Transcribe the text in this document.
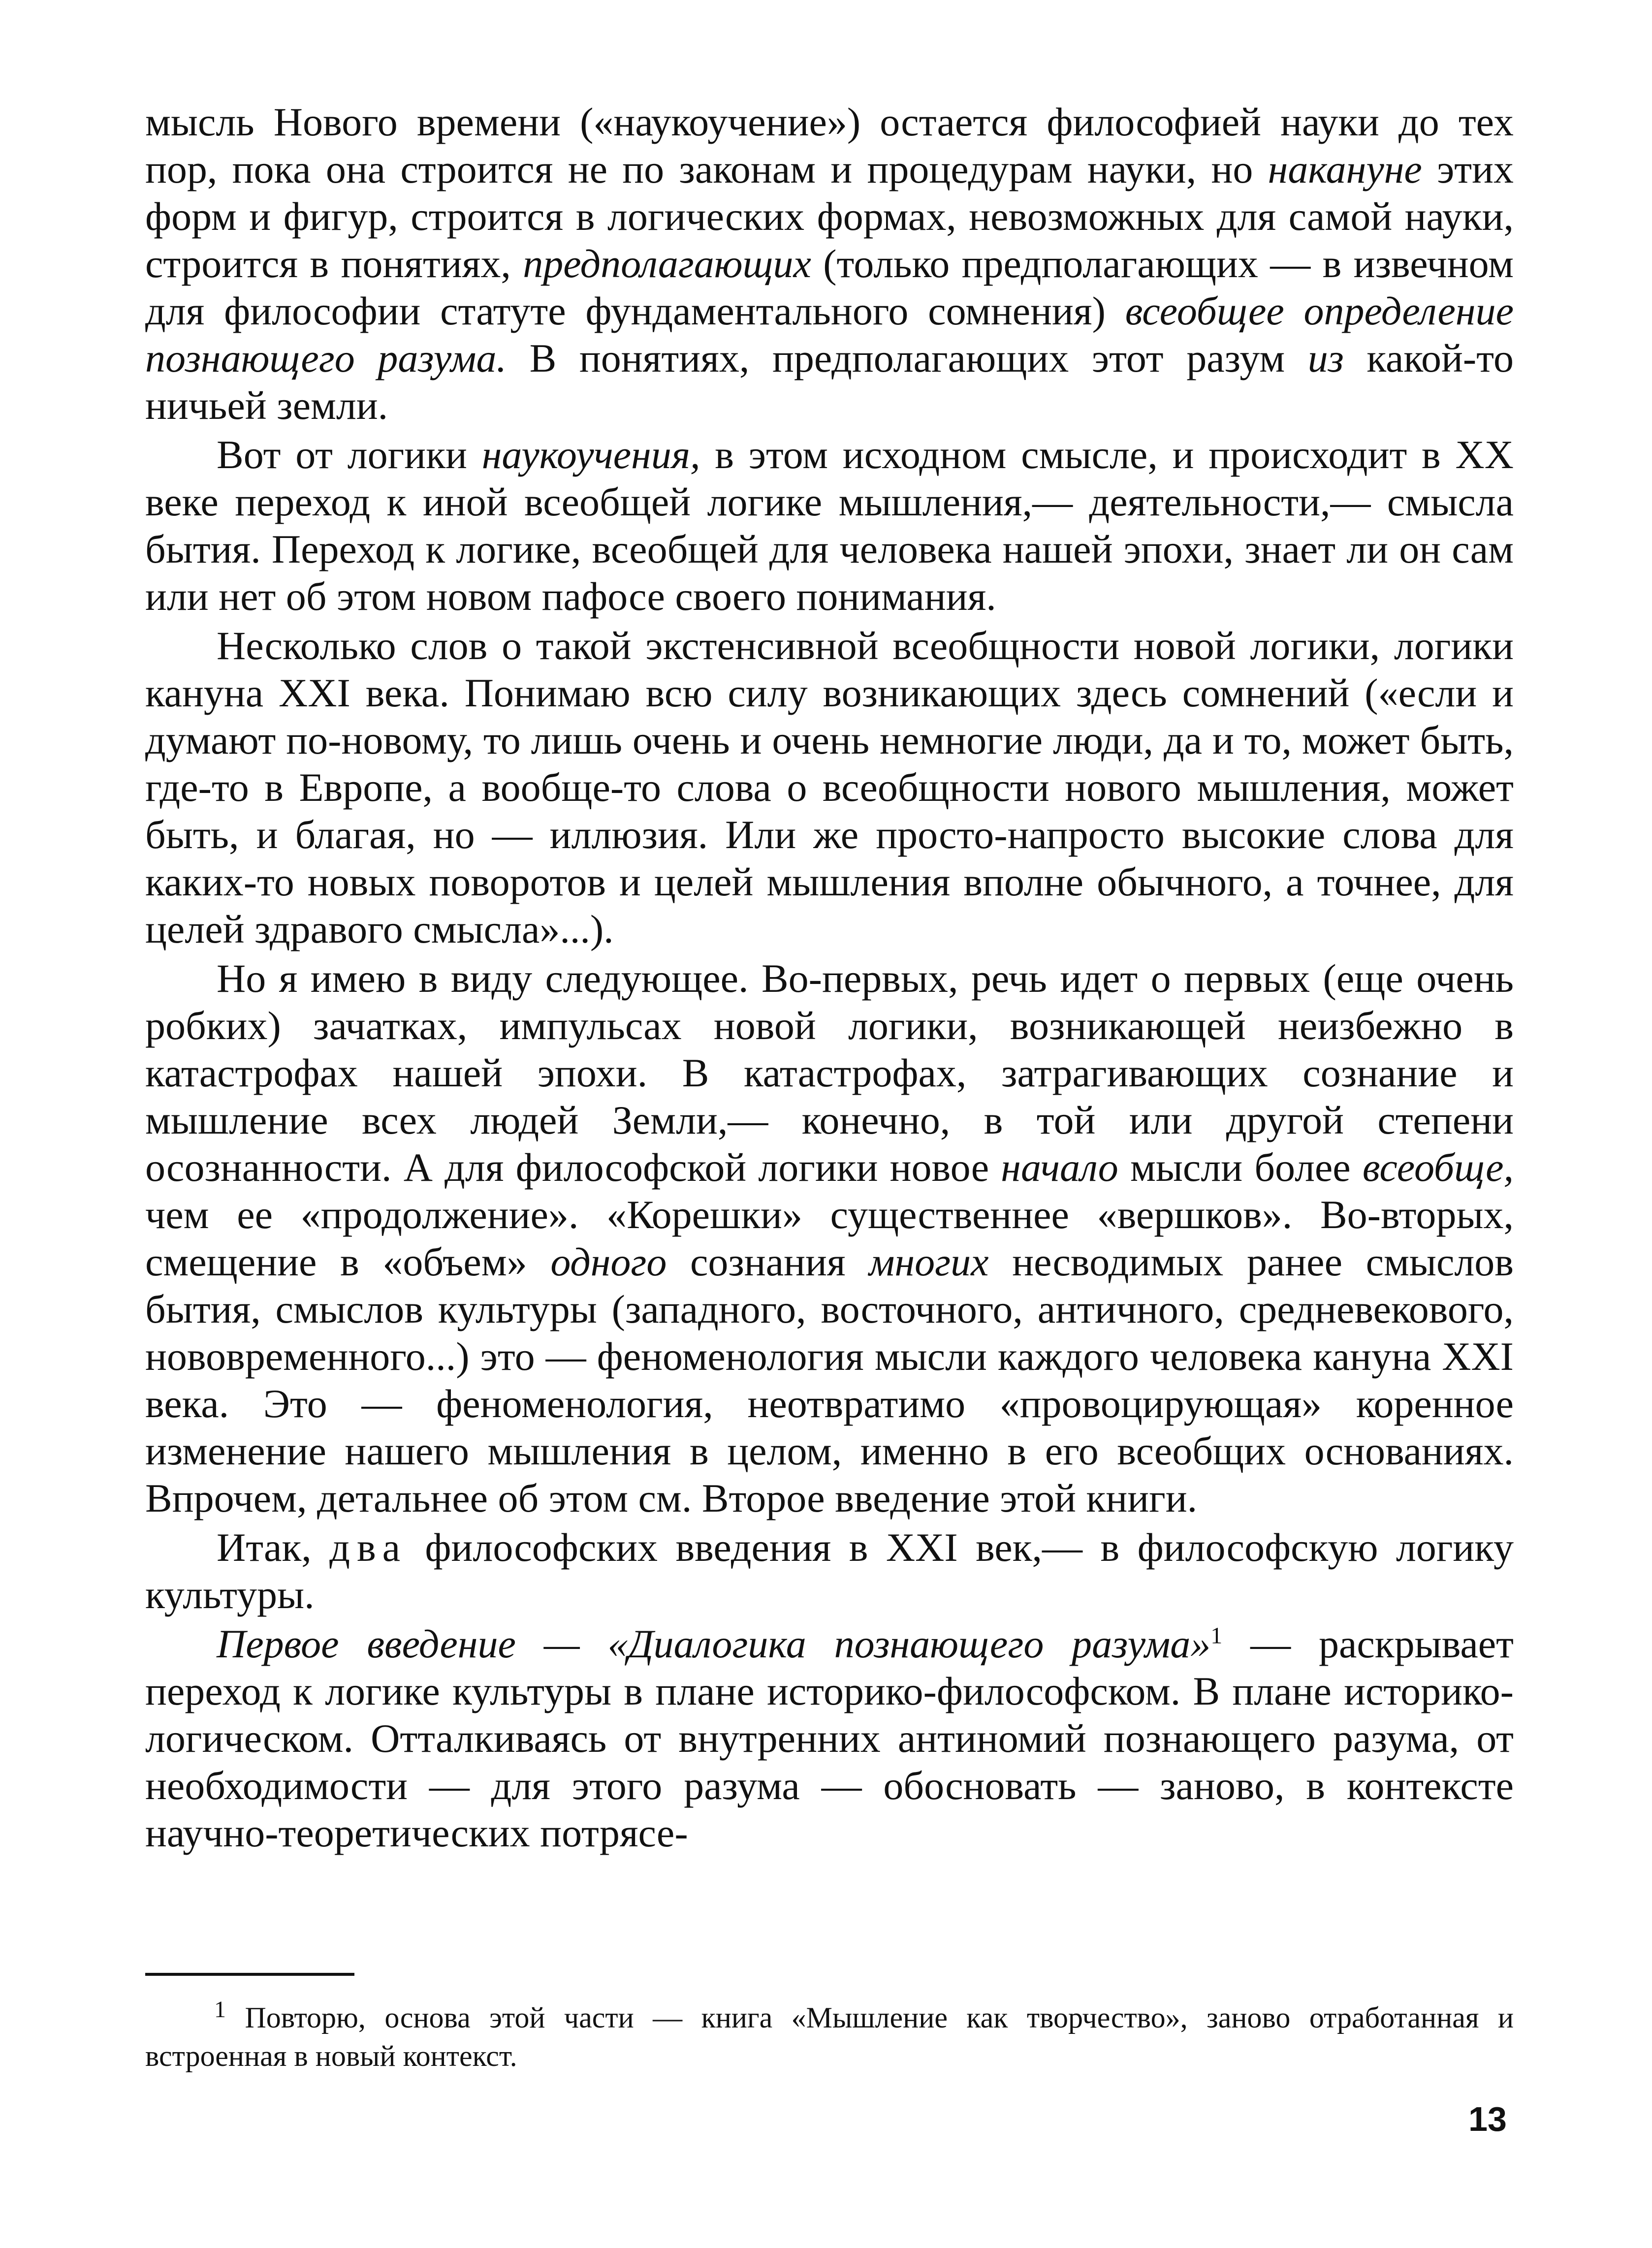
мысль Нового времени («наукоучение») остается философией науки до тех пор, пока она строится не по законам и процедурам науки, но накануне этих форм и фигур, строится в логических формах, невозможных для самой науки, строится в понятиях, предполагающих (только предполагающих — в извечном для философии статуте фундаментального сомнения) всеобщее определение познающего разума. В понятиях, предполагающих этот разум из какой-то ничьей земли.

Вот от логики наукоучения, в этом исходном смысле, и происходит в XX веке переход к иной всеобщей логике мышления,— деятельности,— смысла бытия. Переход к логике, всеобщей для человека нашей эпохи, знает ли он сам или нет об этом новом пафосе своего понимания.

Несколько слов о такой экстенсивной всеобщности новой логики, логики кануна XXI века. Понимаю всю силу возникающих здесь сомнений («если и думают по-новому, то лишь очень и очень немногие люди, да и то, может быть, где-то в Европе, а вообще-то слова о всеобщности нового мышления, может быть, и благая, но — иллюзия. Или же просто-напросто высокие слова для каких-то новых поворотов и целей мышления вполне обычного, а точнее, для целей здравого смысла»...).

Но я имею в виду следующее. Во-первых, речь идет о первых (еще очень робких) зачатках, импульсах новой логики, возникающей неизбежно в катастрофах нашей эпохи. В катастрофах, затрагивающих сознание и мышление всех людей Земли,— конечно, в той или другой степени осознанности. А для философской логики новое начало мысли более всеобще, чем ее «продолжение». «Корешки» существеннее «вершков». Во-вторых, смещение в «объем» одного сознания многих несводимых ранее смыслов бытия, смыслов культуры (западного, восточного, античного, средневекового, нововременного...) это — феноменология мысли каждого человека кануна XXI века. Это — феноменология, неотвратимо «провоцирующая» коренное изменение нашего мышления в целом, именно в его всеобщих основаниях. Впрочем, детальнее об этом см. Второе введение этой книги.

Итак, два философских введения в XXI век,— в философскую логику культуры.

Первое введение — «Диалогика познающего разума»$^1$ — раскрывает переход к логике культуры в плане историко-философском. В плане историко-логическом. Отталкиваясь от внутренних антиномий познающего разума, от необходимости — для этого разума — обосновать — заново, в контексте научно-теоретических потрясе-

$^1$ Повторю, основа этой части — книга «Мышление как творчество», заново отработанная и встроенная в новый контекст.

13
